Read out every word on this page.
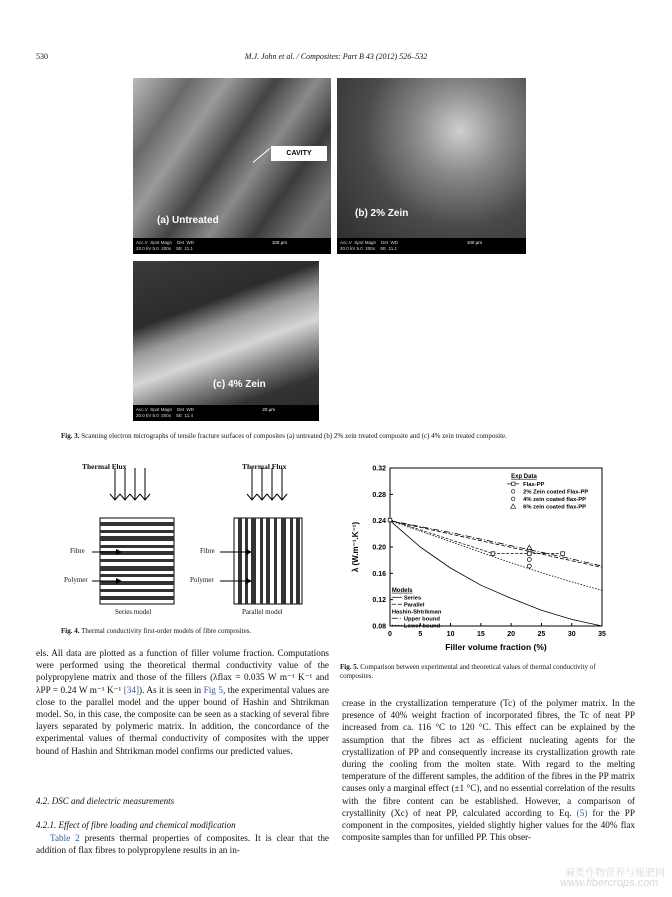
530	M.J. John et al. / Composites: Part B 43 (2012) 526–532
CAVITY
(a) Untreated
Acc.V  Spot Magn    Det  WD
20.0 kV 5.0  200x    SE  11.1
100 μm
(b) 2% Zein
Acc.V  Spot Magn    Det  WD
20.0 kV 5.0  200x    SE  11.1
100 μm
(c) 4% Zein
Acc.V  Spot Magn    Det  WD
20.0 kV 5.0  200x    SE  11.4
20 μm
Fig. 3. Scanning electron micrographs of tensile fracture surfaces of composites (a) untreated (b) 2% zein treated composite and (c) 4% zein treated composite.
Thermal Flux	Thermal Flux
Fibre
Polymer
Fibre
Polymer
Series model	Parallel model
Fig. 4. Thermal conductivity first-order models of fibre composites.	0	5	10	15	20	25	30	35
0.08
0.12
0.16
0.20
0.24
0.28
0.32
Filler volume fraction (%)
λ (W.m⁻¹.K⁻¹)
Exp Data
Flax-PP
2% Zein coated Flax-PP
4% zein coated flax-PP
6% zein coated flax-PP
Models
Series
Parallel
Hashin-Shtrikman
Upper bound
Lower bound
Fig. 5. Comparison between experimental and theoretical values of thermal conductivity of composites.

els. All data are plotted as a function of filler volume fraction. Computations were performed using the theoretical thermal conductivity value of the polypropylene matrix and those of the fillers (λflax = 0.035 W m⁻¹ K⁻¹ and λPP = 0.24 W m⁻¹ K⁻¹ [34]). As it is seen in Fig 5, the experimental values are close to the parallel model and the upper bound of Hashin and Shtrikman model. So, in this case, the composite can be seen as a stacking of several fibre layers separated by polymeric matrix. In addition, the concordance of the experimental values of thermal conductivity of composites with the upper bound of Hashin and Shtrikman model confirms our predicted values.

4.2. DSC and dielectric measurements
4.2.1. Effect of fibre loading and chemical modification

Table 2 presents thermal properties of composites. It is clear that the addition of flax fibres to polypropylene results in an in-

crease in the crystallization temperature (Tc) of the polymer matrix. In the presence of 40% weight fraction of incorporated fibres, the Tc of neat PP increased from ca. 116 °C to 120 °C. This effect can be explained by the assumption that the fibres act as efficient nucleating agents for the crystallization of PP and consequently increase its crystallization growth rate during the cooling from the molten state. With regard to the melting temperature of the different samples, the addition of the fibres in the PP matrix causes only a marginal effect (±1 °C), and no essential correlation of the results with the fibre content can be established. However, a comparison of crystallinity (Xc) of neat PP, calculated according to Eq. (5) for the PP component in the composites, yielded slightly higher values for the 40% flax composite samples than for unfilled PP. This obser-

麻类作物营养与施肥网
www.fibercrops.com
